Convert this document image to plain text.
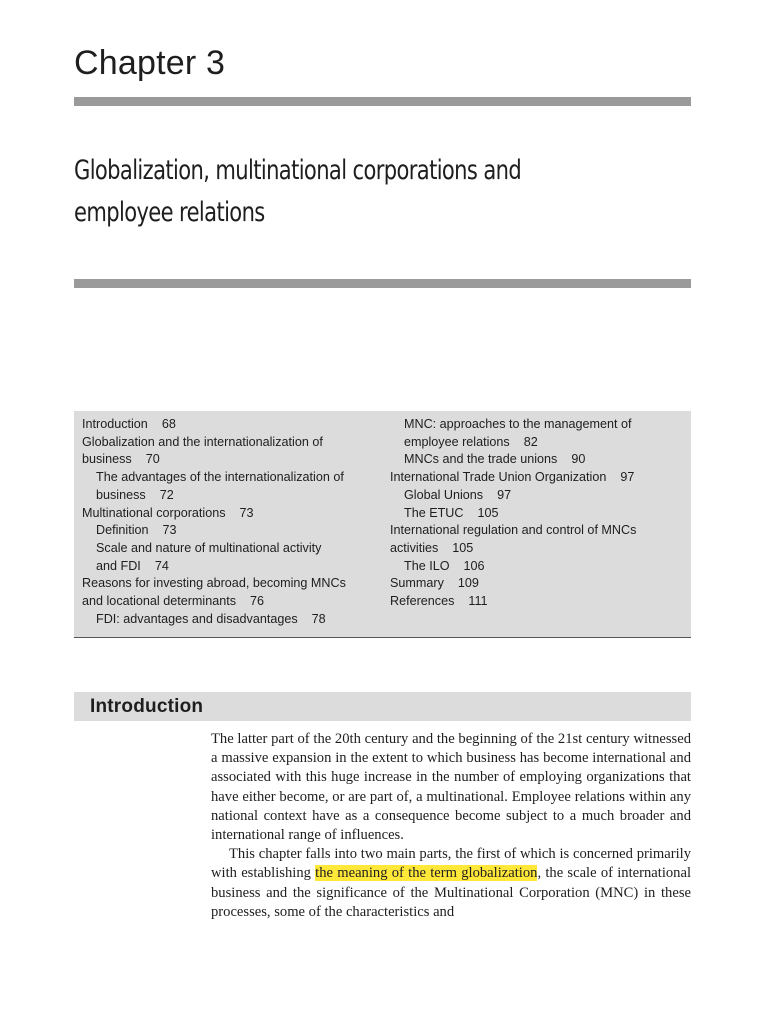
Chapter 3
Globalization, multinational corporations and
employee relations
Introduction 68
Globalization and the internationalization of
business 70
The advantages of the internationalization of
business 72
Multinational corporations 73
Definition 73
Scale and nature of multinational activity
and FDI 74
Reasons for investing abroad, becoming MNCs
and locational determinants 76
FDI: advantages and disadvantages 78
MNC: approaches to the management of
employee relations 82
MNCs and the trade unions 90
International Trade Union Organization 97
Global Unions 97
The ETUC 105
International regulation and control of MNCs
activities 105
The ILO 106
Summary 109
References 111
Introduction

The latter part of the 20th century and the beginning of the 21st century witnessed a massive expansion in the extent to which business has become international and associated with this huge increase in the number of employing organizations that have either become, or are part of, a multinational. Employee relations within any national context have as a consequence become subject to a much broader and international range of influences.

This chapter falls into two main parts, the first of which is concerned primarily with establishing the meaning of the term globalization, the scale of international business and the significance of the Multinational Corporation (MNC) in these processes, some of the characteristics and
